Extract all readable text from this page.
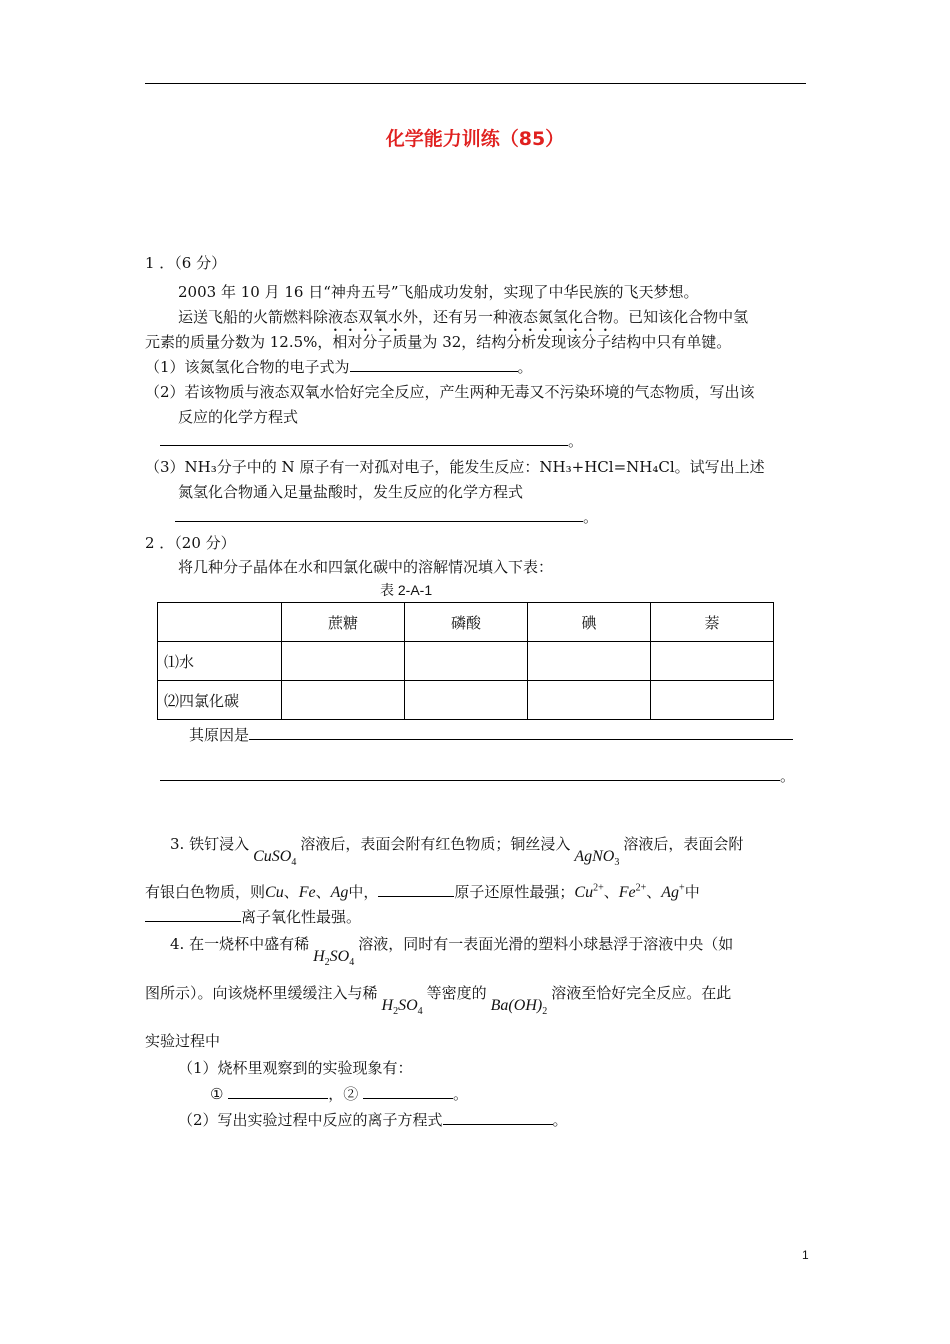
化学能力训练（85）
1 ．（6 分）
2003 年 10 月 16 日“神舟五号”飞船成功发射，实现了中华民族的飞天梦想。
运送飞船的火箭燃料除液态双氧水外，还有另一种液态氮氢化合物。已知该化合物中氢
元素的质量分数为 12.5%，相对分子质量为 32，结构分析发现该分子结构中只有单键。
（1）该氮氢化合物的电子式为	。
（2）若该物质与液态双氧水恰好完全反应，产生两种无毒又不污染环境的气态物质，写出该
反应的化学方程式
。
（3）NH₃分子中的 N 原子有一对孤对电子，能发生反应：NH₃+HCl=NH₄Cl。试写出上述
氮氢化合物通入足量盐酸时，发生反应的化学方程式
。
2 ．（20 分）
将几种分子晶体在水和四氯化碳中的溶解情况填入下表：
表 2-A-1
	蔗糖	磷酸	碘	萘
⑴水				
⑵四氯化碳				
其原因是
。
3. 铁钉浸入CuSO$_4$溶液后，表面会附有红色物质；铜丝浸入AgNO$_3$溶液后，表面会附
有银白色物质，则Cu、Fe、Ag中，	原子还原性最强；$Cu^{2+}$、$Fe^{2+}$、Ag+中
离子氧化性最强。
4. 在一烧杯中盛有稀$H_2SO_4$溶液，同时有一表面光滑的塑料小球悬浮于溶液中央（如
图所示）。向该烧杯里缓缓注入与稀$H_2SO_4$等密度的$Ba(OH)_2$溶液至恰好完全反应。在此
实验过程中
（1）烧杯里观察到的实验现象有：
①	，②	。
（2）写出实验过程中反应的离子方程式	。
1
